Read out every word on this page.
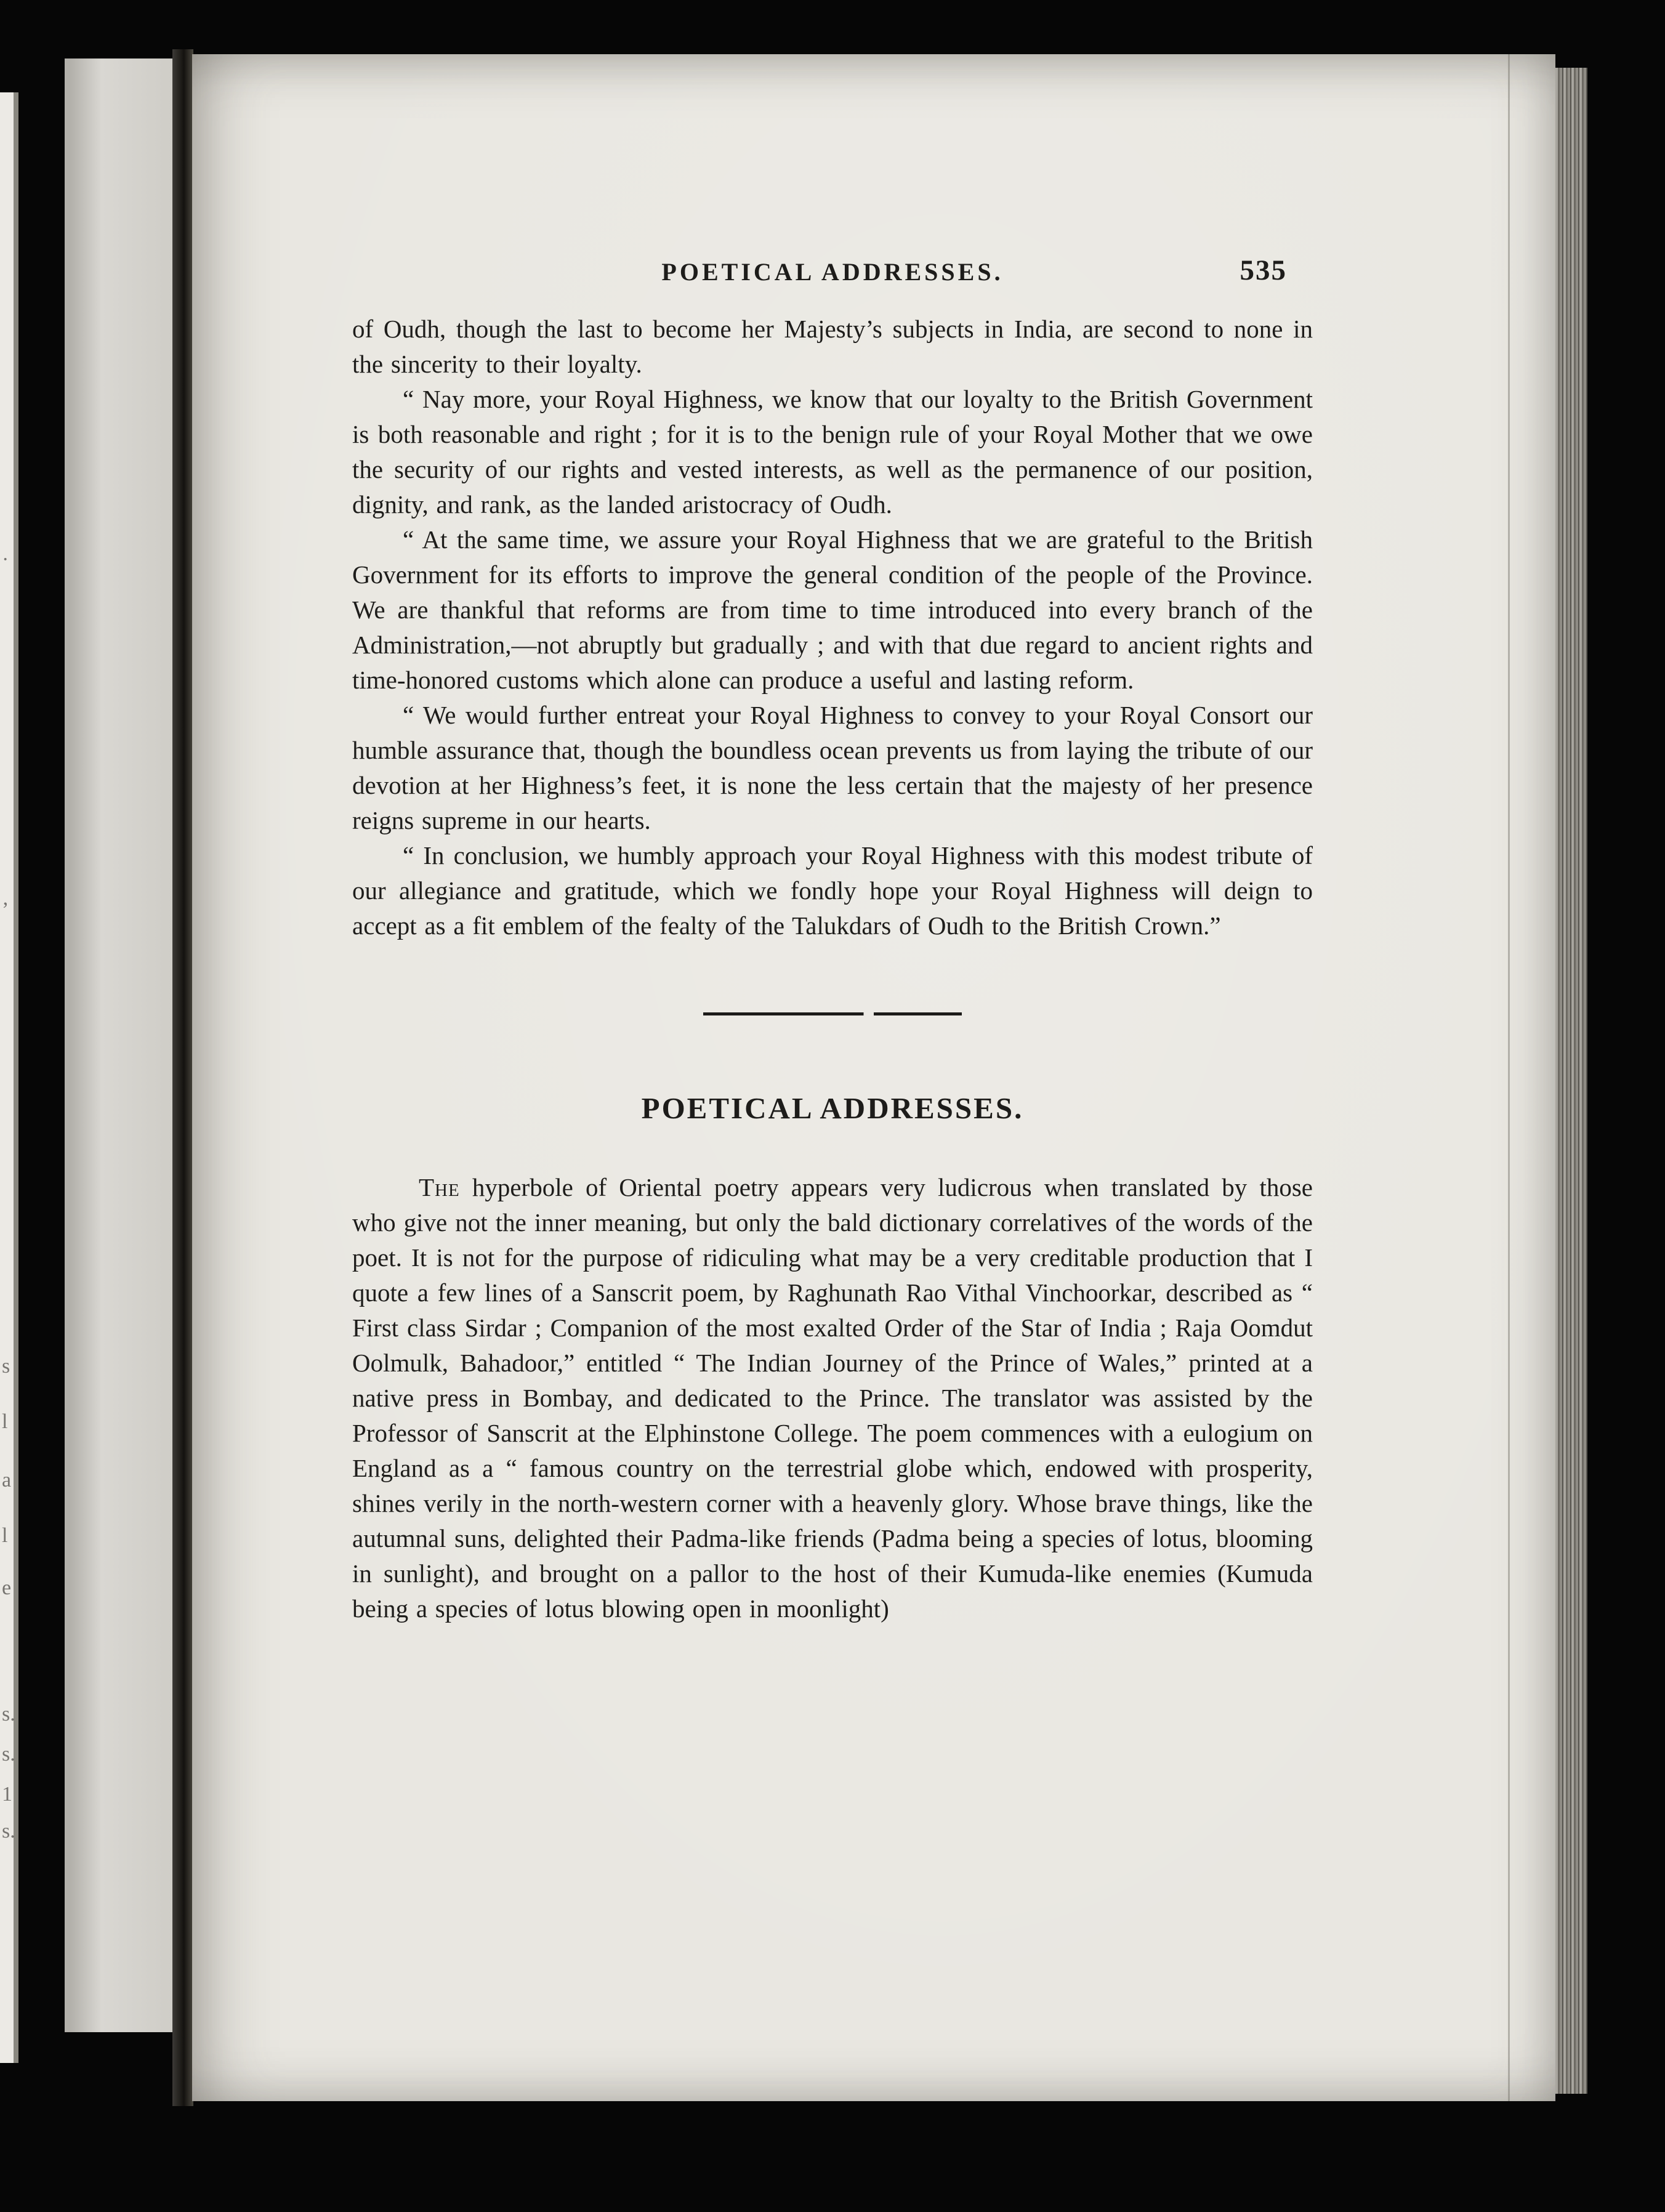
·
‚
s
l
a
l
e
s.
s.
1
s.
POETICAL ADDRESSES.	535

of Oudh, though the last to become her Majesty’s subjects in India, are second to none in the sincerity to their loyalty.

“ Nay more, your Royal Highness, we know that our loyalty to the British Government is both reasonable and right ; for it is to the benign rule of your Royal Mother that we owe the security of our rights and vested interests, as well as the permanence of our position, dignity, and rank, as the landed aristocracy of Oudh.

“ At the same time, we assure your Royal Highness that we are grateful to the British Government for its efforts to improve the general condition of the people of the Province. We are thankful that reforms are from time to time introduced into every branch of the Administration,—not abruptly but gradually ; and with that due regard to ancient rights and time-honored customs which alone can produce a useful and lasting reform.

“ We would further entreat your Royal Highness to convey to your Royal Consort our humble assurance that, though the boundless ocean prevents us from laying the tribute of our devotion at her Highness’s feet, it is none the less certain that the majesty of her presence reigns supreme in our hearts.

“ In conclusion, we humbly approach your Royal Highness with this modest tribute of our allegiance and gratitude, which we fondly hope your Royal Highness will deign to accept as a fit emblem of the fealty of the Talukdars of Oudh to the British Crown.”

POETICAL ADDRESSES.

The hyperbole of Oriental poetry appears very ludicrous when translated by those who give not the inner meaning, but only the bald dictionary correlatives of the words of the poet. It is not for the purpose of ridiculing what may be a very creditable production that I quote a few lines of a Sanscrit poem, by Raghunath Rao Vithal Vinchoorkar, described as “ First class Sirdar ; Companion of the most exalted Order of the Star of India ; Raja Oomdut Oolmulk, Bahadoor,” entitled “ The Indian Journey of the Prince of Wales,” printed at a native press in Bombay, and dedicated to the Prince. The translator was assisted by the Professor of Sanscrit at the Elphinstone College. The poem commences with a eulogium on England as a “ famous country on the terrestrial globe which, endowed with prosperity, shines verily in the north-western corner with a heavenly glory. Whose brave things, like the autumnal suns, delighted their Padma-like friends (Padma being a species of lotus, blooming in sunlight), and brought on a pallor to the host of their Kumuda-like enemies (Kumuda being a species of lotus blowing open in moonlight)
